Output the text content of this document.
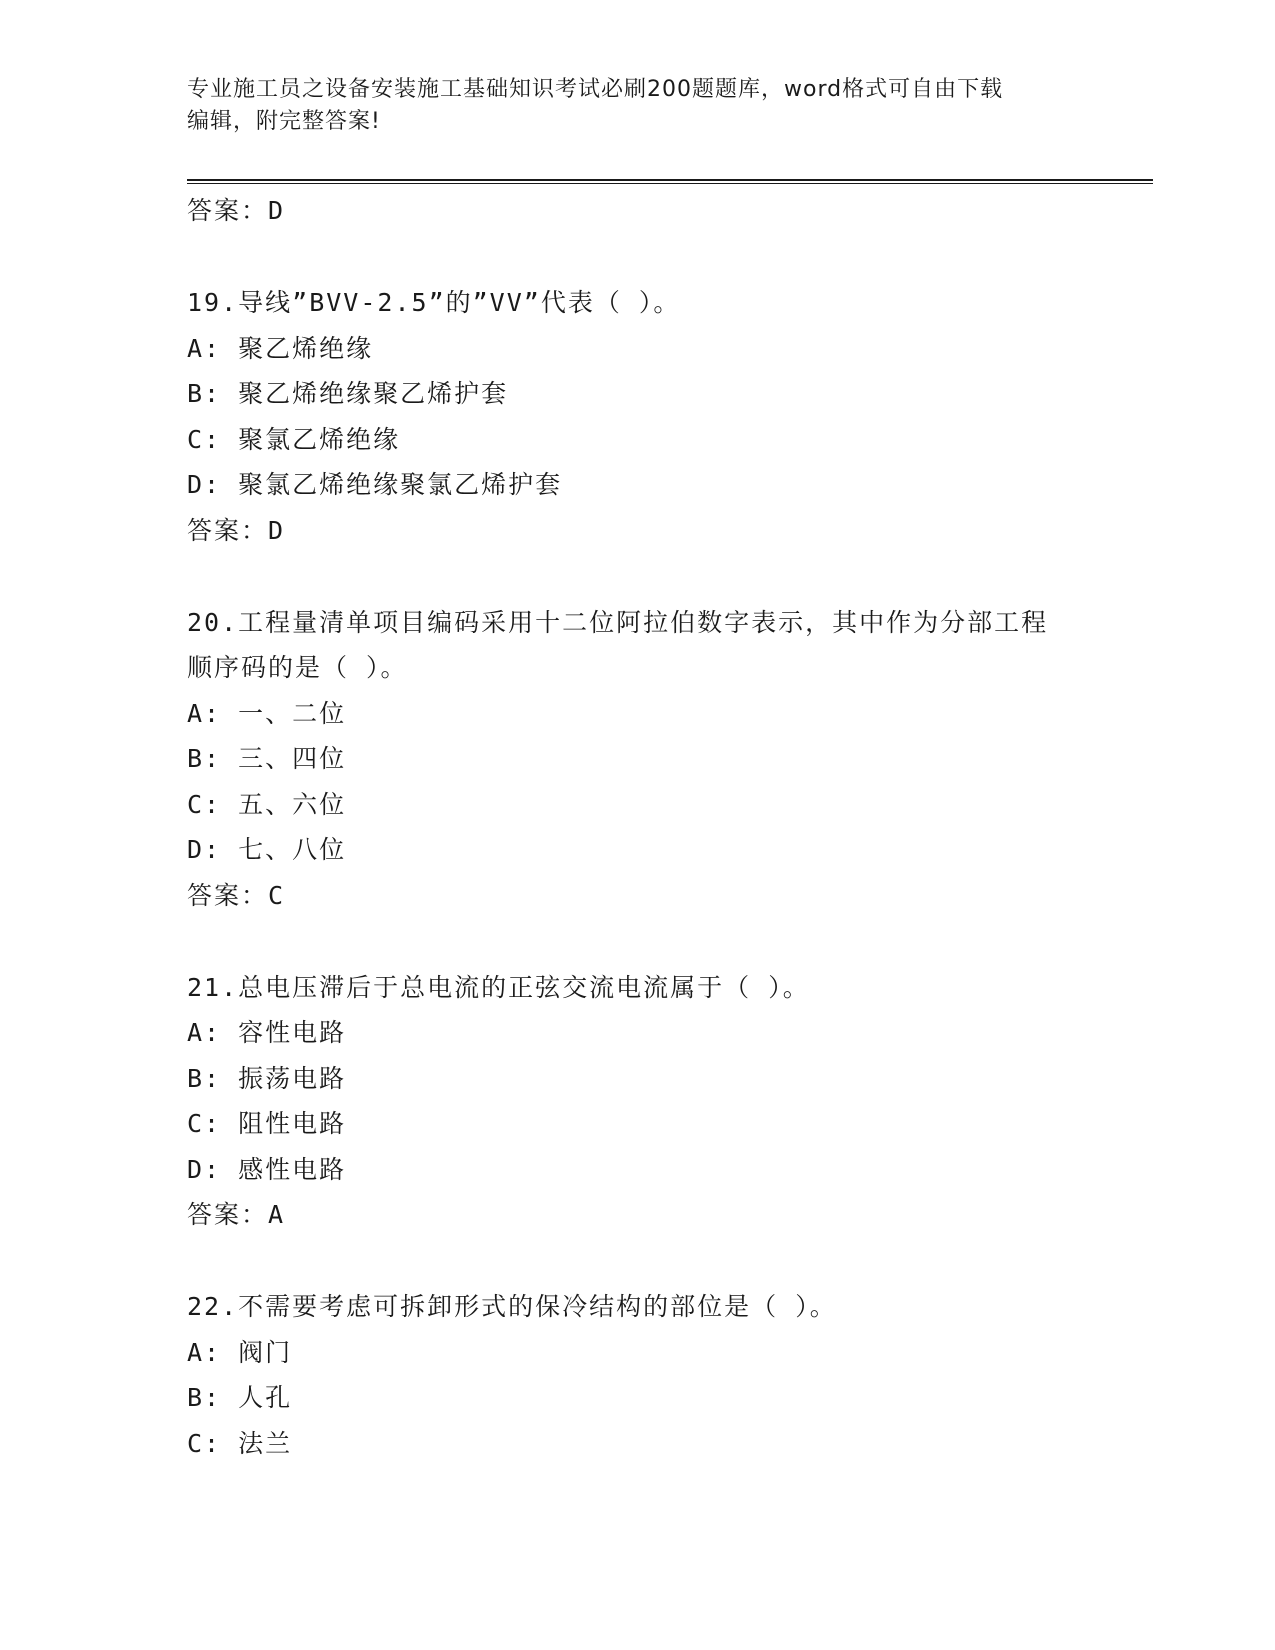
专业施工员之设备安装施工基础知识考试必刷200题题库，word格式可自由下载
编辑，附完整答案!
答案：D
19.导线”BVV-2.5”的”VV”代表（ ）。
A: 聚乙烯绝缘
B: 聚乙烯绝缘聚乙烯护套
C: 聚氯乙烯绝缘
D: 聚氯乙烯绝缘聚氯乙烯护套
答案：D
20.工程量清单项目编码采用十二位阿拉伯数字表示，其中作为分部工程顺序码的是（ ）。
A: 一、二位
B: 三、四位
C: 五、六位
D: 七、八位
答案：C
21.总电压滞后于总电流的正弦交流电流属于（ ）。
A: 容性电路
B: 振荡电路
C: 阻性电路
D: 感性电路
答案：A
22.不需要考虑可拆卸形式的保冷结构的部位是（ ）。
A: 阀门
B: 人孔
C: 法兰
